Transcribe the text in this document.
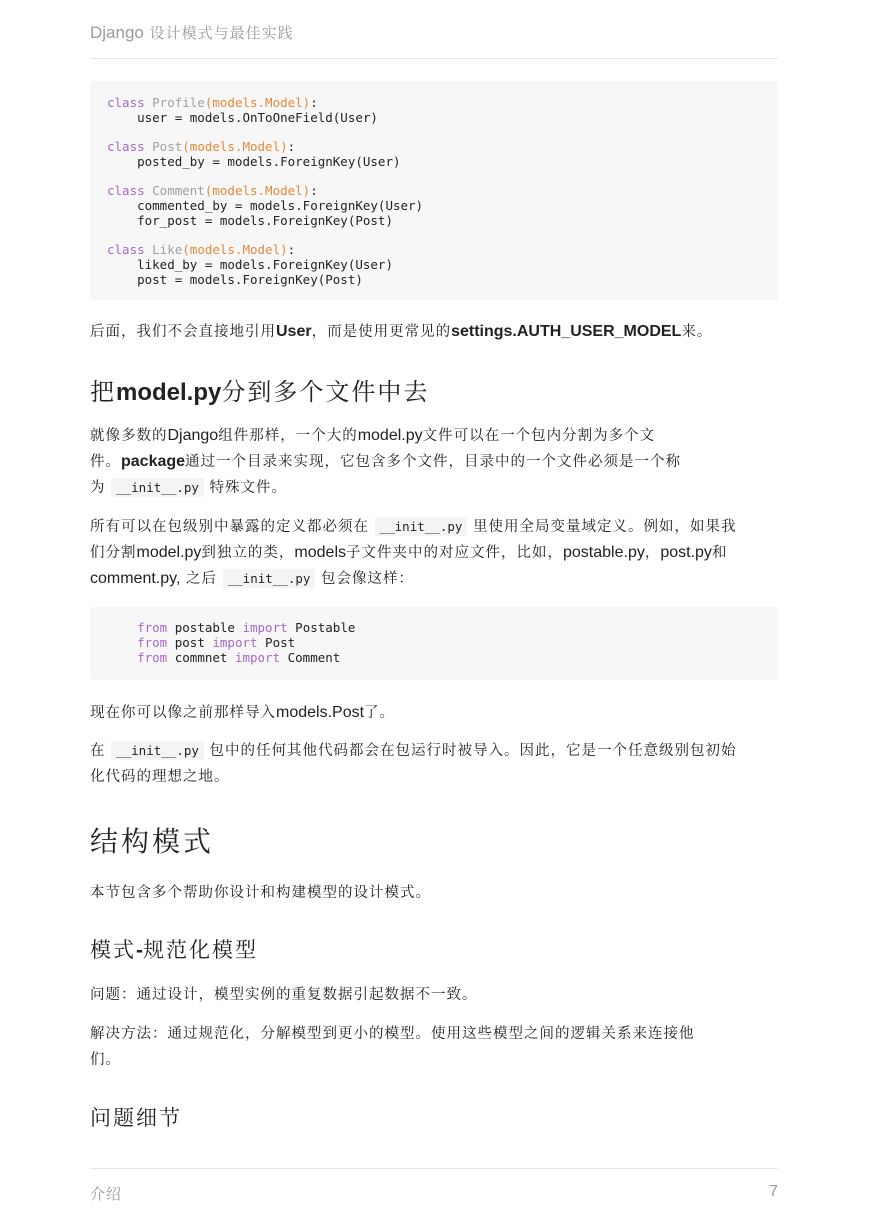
Django 设计模式与最佳实践
class Profile(models.Model):
user = models.OnToOneField(User)
class Post(models.Model):
posted_by = models.ForeignKey(User)
class Comment(models.Model):
commented_by = models.ForeignKey(User)
for_post = models.ForeignKey(Post)
class Like(models.Model):
liked_by = models.ForeignKey(User)
post = models.ForeignKey(Post)
后面，我们不会直接地引用User，而是使用更常见的settings.AUTH_USER_MODEL来。
把model.py分到多个文件中去
就像多数的Django组件那样，一个大的model.py文件可以在一个包内分割为多个文
件。package通过一个目录来实现，它包含多个文件，目录中的一个文件必须是一个称
为 __init__.py 特殊文件。
所有可以在包级别中暴露的定义都必须在 __init__.py 里使用全局变量域定义。例如，如果我
们分割model.py到独立的类，models子文件夹中的对应文件，比如，postable.py，post.py和
comment.py, 之后 __init__.py 包会像这样：
from postable import Postable
from post import Post
from commnet import Comment
现在你可以像之前那样导入models.Post了。
在 __init__.py 包中的任何其他代码都会在包运行时被导入。因此，它是一个任意级别包初始
化代码的理想之地。
结构模式
本节包含多个帮助你设计和构建模型的设计模式。
模式-规范化模型
问题：通过设计，模型实例的重复数据引起数据不一致。
解决方法：通过规范化，分解模型到更小的模型。使用这些模型之间的逻辑关系来连接他
们。
问题细节
介绍	7
